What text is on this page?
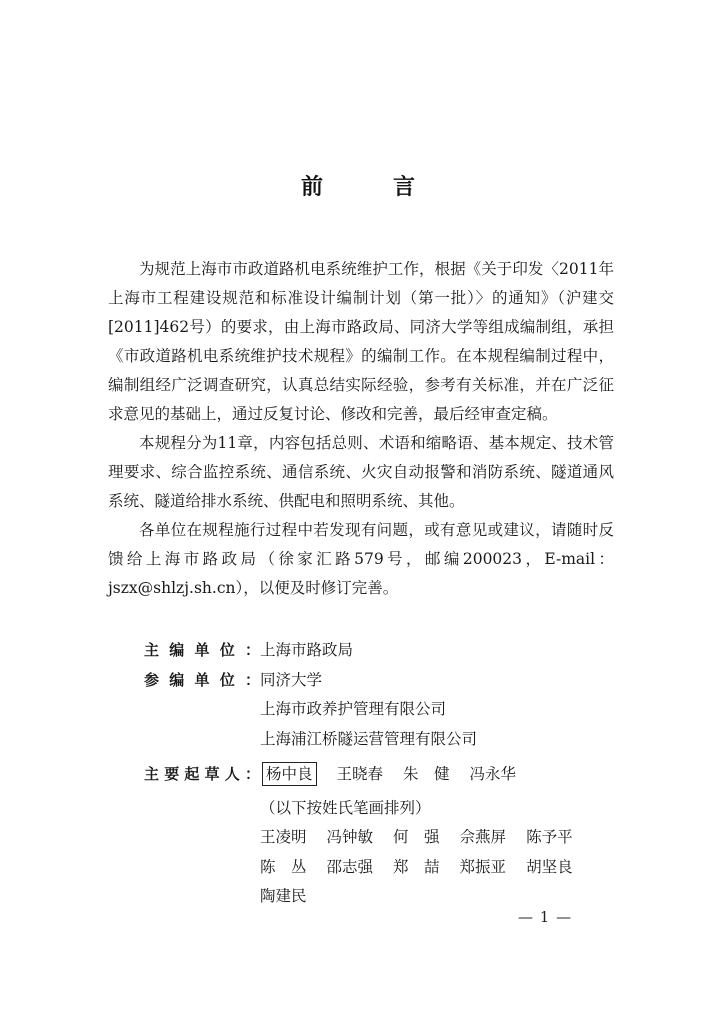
前　言

为规范上海市市政道路机电系统维护工作，根据《关于印发〈2011年上海市工程建设规范和标准设计编制计划（第一批）〉的通知》（沪建交[2011]462号）的要求，由上海市路政局、同济大学等组成编制组，承担《市政道路机电系统维护技术规程》的编制工作。在本规程编制过程中，编制组经广泛调查研究，认真总结实际经验，参考有关标准，并在广泛征求意见的基础上，通过反复讨论、修改和完善，最后经审查定稿。

本规程分为11章，内容包括总则、术语和缩略语、基本规定、技术管理要求、综合监控系统、通信系统、火灾自动报警和消防系统、隧道通风系统、隧道给排水系统、供配电和照明系统、其他。

各单位在规程施行过程中若发现有问题，或有意见或建议，请随时反馈给上海市路政局（徐家汇路579号，邮编200023，E-mail：jszx@shlzj.sh.cn），以便及时修订完善。

主 编 单 位 ： 上海市路政局
参 编 单 位 ： 同济大学
上海市政养护管理有限公司
上海浦江桥隧运营管理有限公司
主 要 起 草 人 ： 杨中良 王晓春 朱　健 冯永华
（以下按姓氏笔画排列）
王凌明 冯钟敏 何　强 佘燕屏 陈予平
陈　丛 邵志强 郑　喆 郑振亚 胡坚良
陶建民
— 1 —
